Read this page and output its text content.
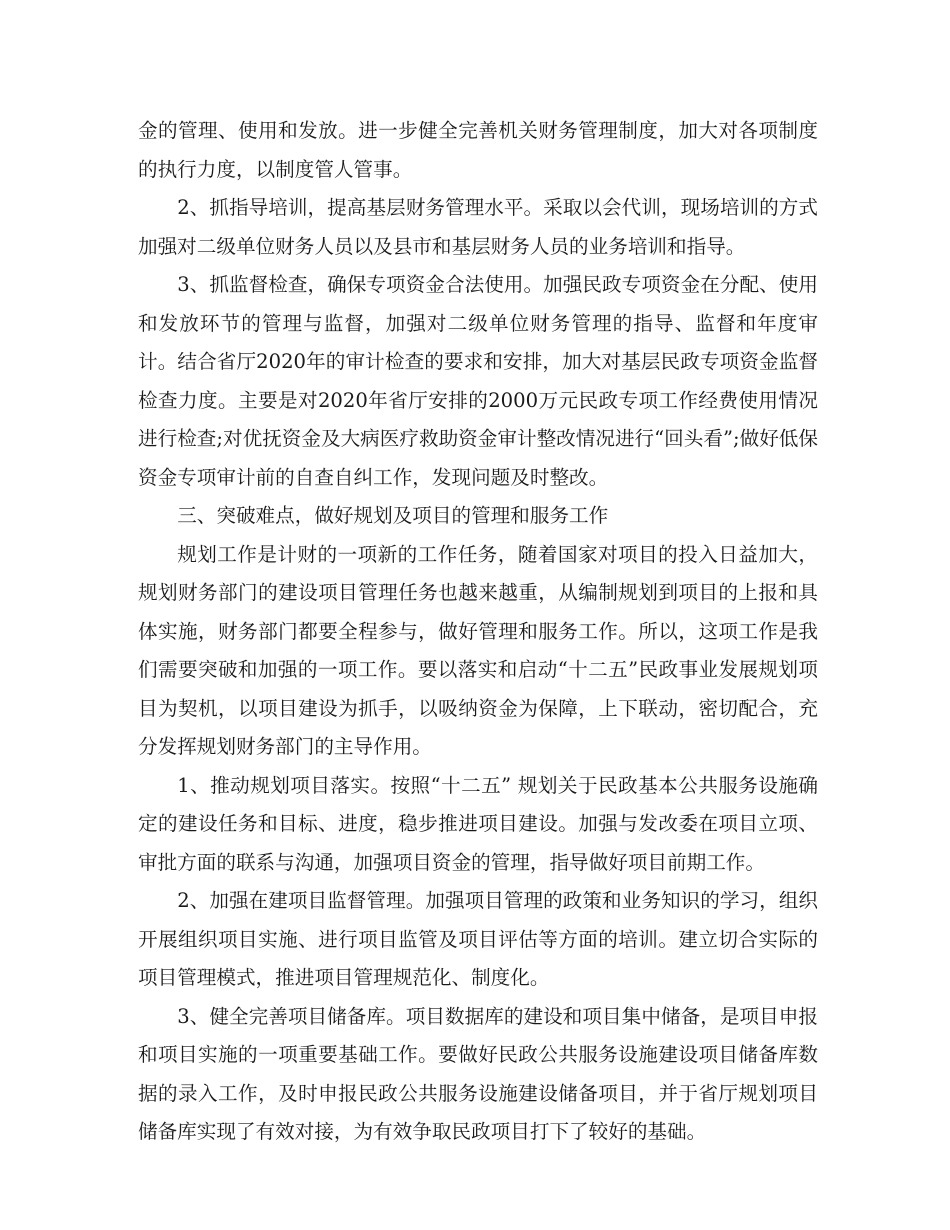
金的管理、使用和发放。进一步健全完善机关财务管理制度，加大对各项制度的执行力度，以制度管人管事。

2、抓指导培训，提高基层财务管理水平。采取以会代训，现场培训的方式加强对二级单位财务人员以及县市和基层财务人员的业务培训和指导。

3、抓监督检查，确保专项资金合法使用。加强民政专项资金在分配、使用和发放环节的管理与监督，加强对二级单位财务管理的指导、监督和年度审计。结合省厅2020年的审计检查的要求和安排，加大对基层民政专项资金监督检查力度。主要是对2020年省厅安排的2000万元民政专项工作经费使用情况进行检查;对优抚资金及大病医疗救助资金审计整改情况进行“回头看”;做好低保资金专项审计前的自查自纠工作，发现问题及时整改。

三、突破难点，做好规划及项目的管理和服务工作

规划工作是计财的一项新的工作任务，随着国家对项目的投入日益加大，规划财务部门的建设项目管理任务也越来越重，从编制规划到项目的上报和具体实施，财务部门都要全程参与，做好管理和服务工作。所以，这项工作是我们需要突破和加强的一项工作。要以落实和启动“十二五”民政事业发展规划项目为契机，以项目建设为抓手，以吸纳资金为保障，上下联动，密切配合，充分发挥规划财务部门的主导作用。

1、推动规划项目落实。按照“十二五” 规划关于民政基本公共服务设施确定的建设任务和目标、进度，稳步推进项目建设。加强与发改委在项目立项、审批方面的联系与沟通，加强项目资金的管理，指导做好项目前期工作。

2、加强在建项目监督管理。加强项目管理的政策和业务知识的学习，组织开展组织项目实施、进行项目监管及项目评估等方面的培训。建立切合实际的项目管理模式，推进项目管理规范化、制度化。

3、健全完善项目储备库。项目数据库的建设和项目集中储备，是项目申报和项目实施的一项重要基础工作。要做好民政公共服务设施建设项目储备库数据的录入工作，及时申报民政公共服务设施建设储备项目，并于省厅规划项目储备库实现了有效对接，为有效争取民政项目打下了较好的基础。
